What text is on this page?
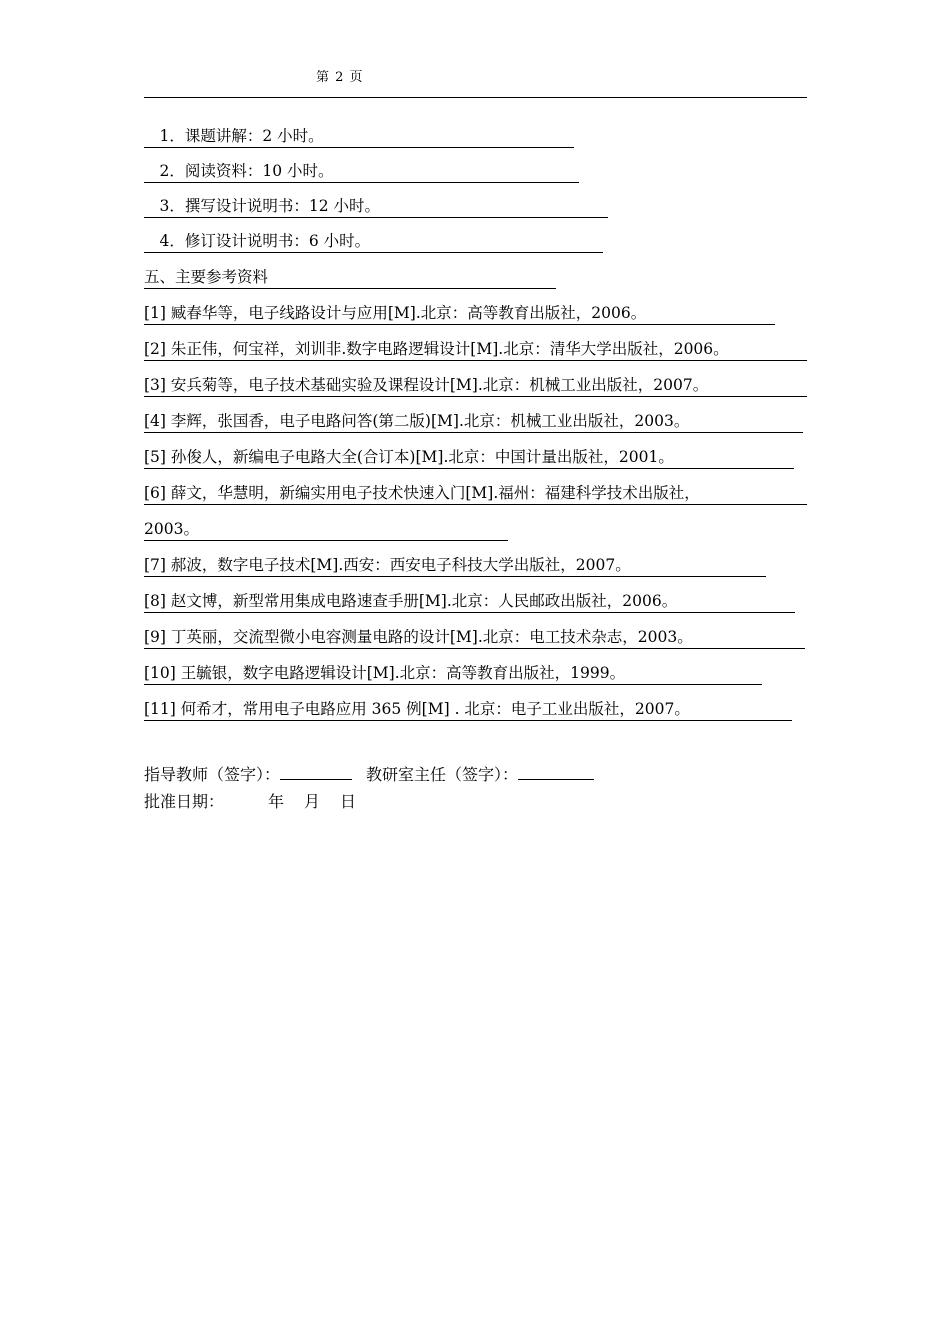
第 2 页
　1．课题讲解：2 小时。
　2．阅读资料：10 小时。
　3．撰写设计说明书：12 小时。
　4．修订设计说明书：6 小时。
五、主要参考资料
[1] 臧春华等，电子线路设计与应用[M].北京：高等教育出版社，2006。
[2] 朱正伟，何宝祥，刘训非.数字电路逻辑设计[M].北京：清华大学出版社，2006。
[3] 安兵菊等，电子技术基础实验及课程设计[M].北京：机械工业出版社，2007。
[4] 李辉，张国香，电子电路问答(第二版)[M].北京：机械工业出版社，2003。
[5] 孙俊人，新编电子电路大全(合订本)[M].北京：中国计量出版社，2001。
[6] 薛文，华慧明，新编实用电子技术快速入门[M].福州：福建科学技术出版社，
2003。
[7] 郝波，数字电子技术[M].西安：西安电子科技大学出版社，2007。
[8] 赵文博，新型常用集成电路速查手册[M].北京：人民邮政出版社，2006。
[9] 丁英丽，交流型微小电容测量电路的设计[M].北京：电工技术杂志，2003。
[10] 王毓银，数字电路逻辑设计[M].北京：高等教育出版社，1999。
[11] 何希才，常用电子电路应用 365 例[M] . 北京：电子工业出版社，2007。
指导教师（签字）：	教研室主任（签字）：
批准日期：	年 月 日
